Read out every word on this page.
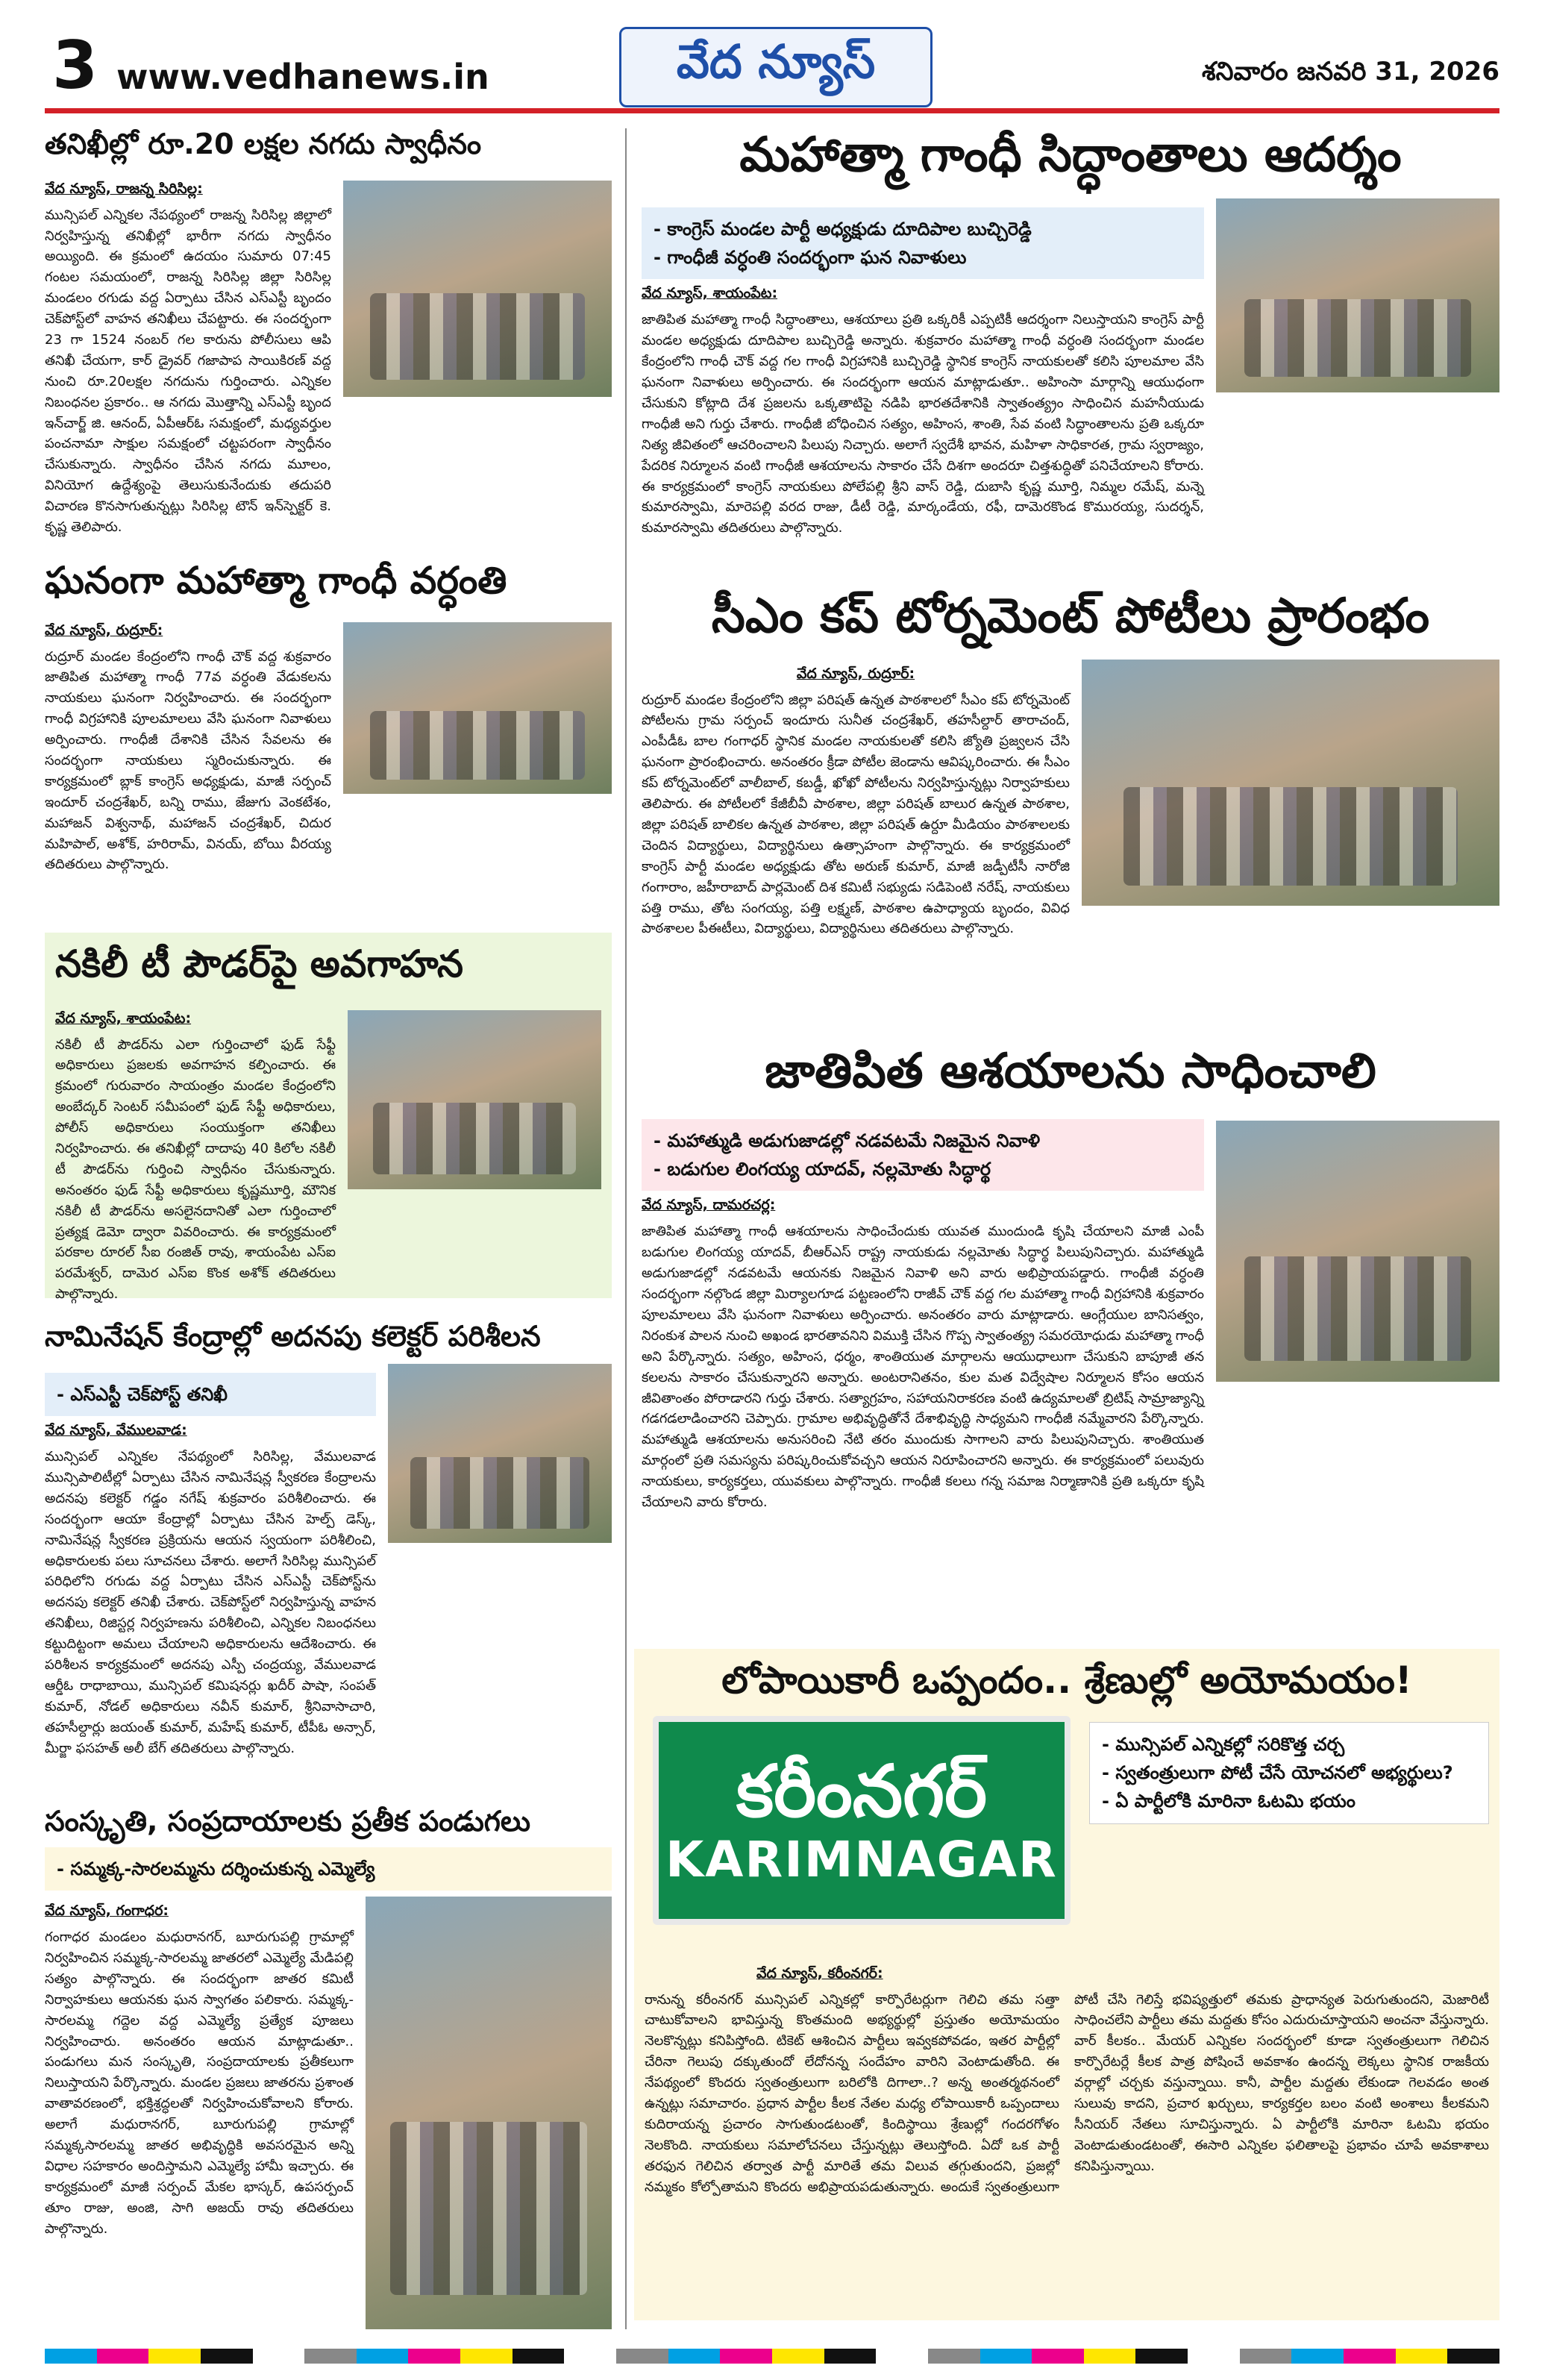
3 www.vedhanews.in	వేద న్యూస్	శనివారం జనవరి 31, 2026
తనిఖీల్లో రూ.20 లక్షల నగదు స్వాధీనం
వేద న్యూస్, రాజన్న సిరిసిల్ల:
మున్సిపల్ ఎన్నికల నేపథ్యంలో రాజన్న సిరిసిల్ల జిల్లాలో నిర్వహిస్తున్న తనిఖీల్లో భారీగా నగదు స్వాధీనం అయ్యింది. ఈ క్రమంలో ఉదయం సుమారు 07:45 గంటల సమయంలో, రాజన్న సిరిసిల్ల జిల్లా సిరిసిల్ల మండలం రగుడు వద్ద ఏర్పాటు చేసిన ఎస్ఎస్టీ బృందం చెక్‌పోస్ట్‌లో వాహన తనిఖీలు చేపట్టారు. ఈ సందర్భంగా 23 గా 1524 నంబర్ గల కారును పోలీసులు ఆపి తనిఖీ చేయగా, కార్ డ్రైవర్ గజాపాప సాయికిరణ్ వద్ద నుంచి రూ.20లక్షల నగదును గుర్తించారు. ఎన్నికల నిబంధనల ప్రకారం.. ఆ నగదు మొత్తాన్ని ఎస్ఎస్టీ బృంద ఇన్‌చార్జ్ జి. ఆనంద్, ఏపీఆర్ఓ సమక్షంలో, మధ్యవర్తుల పంచనామా సాక్షుల సమక్షంలో చట్టపరంగా స్వాధీనం చేసుకున్నారు. స్వాధీనం చేసిన నగదు మూలం, వినియోగ ఉద్దేశ్యంపై తెలుసుకునేందుకు తదుపరి విచారణ కొనసాగుతున్నట్లు సిరిసిల్ల టౌన్ ఇన్‌స్పెక్టర్ కె. కృష్ణ తెలిపారు.
ఘనంగా మహాత్మా గాంధీ వర్ధంతి
వేద న్యూస్, రుద్రూర్:
రుద్రూర్ మండల కేంద్రంలోని గాంధీ చౌక్ వద్ద శుక్రవారం జాతిపిత మహాత్మా గాంధీ 77వ వర్ధంతి వేడుకలను నాయకులు ఘనంగా నిర్వహించారు. ఈ సందర్భంగా గాంధీ విగ్రహానికి పూలమాలలు వేసి ఘనంగా నివాళులు అర్పించారు. గాంధీజీ దేశానికి చేసిన సేవలను ఈ సందర్భంగా నాయకులు స్మరించుకున్నారు. ఈ కార్యక్రమంలో బ్లాక్ కాంగ్రెస్ అధ్యక్షుడు, మాజీ సర్పంచ్ ఇందూర్ చంద్రశేఖర్, బన్ని రాము, జేజుగు వెంకటేశం, మహాజన్ విశ్వనాథ్, మహాజన్ చంద్రశేఖర్, చిదుర మహిపాల్, అశోక్, హరిరామ్, వినయ్, బోయి వీరయ్య తదితరులు పాల్గొన్నారు.
నకిలీ టీ పౌడర్‌పై అవగాహన
వేద న్యూస్, శాయంపేట:
నకిలీ టీ పౌడర్‌ను ఎలా గుర్తించాలో ఫుడ్ సేఫ్టీ అధికారులు ప్రజలకు అవగాహన కల్పించారు. ఈ క్రమంలో గురువారం సాయంత్రం మండల కేంద్రంలోని అంబేద్కర్ సెంటర్ సమీపంలో ఫుడ్ సేఫ్టీ అధికారులు, పోలీస్ అధికారులు సంయుక్తంగా తనిఖీలు నిర్వహించారు. ఈ తనిఖీల్లో దాదాపు 40 కిలోల నకిలీ టీ పౌడర్‌ను గుర్తించి స్వాధీనం చేసుకున్నారు. అనంతరం ఫుడ్ సేఫ్టీ అధికారులు కృష్ణమూర్తి, మౌనిక నకిలీ టీ పౌడర్‌ను అసలైనదానితో ఎలా గుర్తించాలో ప్రత్యక్ష డెమో ద్వారా వివరించారు. ఈ కార్యక్రమంలో పరకాల రూరల్ సీఐ రంజిత్ రావు, శాయంపేట ఎస్ఐ పరమేశ్వర్, దామెర ఎస్ఐ కొంక అశోక్ తదితరులు పాల్గొన్నారు.
నామినేషన్ కేంద్రాల్లో అదనపు కలెక్టర్ పరిశీలన
- ఎస్ఎస్టీ చెక్‌పోస్ట్ తనిఖీ
వేద న్యూస్, వేములవాడ:
మున్సిపల్ ఎన్నికల నేపథ్యంలో సిరిసిల్ల, వేములవాడ మున్సిపాలిటీల్లో ఏర్పాటు చేసిన నామినేషన్ల స్వీకరణ కేంద్రాలను అదనపు కలెక్టర్ గడ్డం నగేష్ శుక్రవారం పరిశీలించారు. ఈ సందర్భంగా ఆయా కేంద్రాల్లో ఏర్పాటు చేసిన హెల్ప్ డెస్క్, నామినేషన్ల స్వీకరణ ప్రక్రియను ఆయన స్వయంగా పరిశీలించి, అధికారులకు పలు సూచనలు చేశారు. అలాగే సిరిసిల్ల మున్సిపల్ పరిధిలోని రగుడు వద్ద ఏర్పాటు చేసిన ఎస్ఎస్టీ చెక్‌పోస్ట్‌ను అదనపు కలెక్టర్ తనిఖీ చేశారు. చెక్‌పోస్ట్‌లో నిర్వహిస్తున్న వాహన తనిఖీలు, రిజిస్టర్ల నిర్వహణను పరిశీలించి, ఎన్నికల నిబంధనలు కట్టుదిట్టంగా అమలు చేయాలని అధికారులను ఆదేశించారు. ఈ పరిశీలన కార్యక్రమంలో అదనపు ఎస్పీ చంద్రయ్య, వేములవాడ ఆర్డీఓ రాధాబాయి, మున్సిపల్ కమిషనర్లు ఖదీర్ పాషా, సంపత్ కుమార్, నోడల్ అధికారులు నవీన్ కుమార్, శ్రీనివాసాచారి, తహసీల్దార్లు జయంత్ కుమార్, మహేష్ కుమార్, టీపీఓ అన్సార్, మీర్జా ఫసహత్ అలీ బేగ్ తదితరులు పాల్గొన్నారు.
సంస్కృతి, సంప్రదాయాలకు ప్రతీక పండుగలు
- సమ్మక్క-సారలమ్మను దర్శించుకున్న ఎమ్మెల్యే
వేద న్యూస్, గంగాధర:
గంగాధర మండలం మధురానగర్, బూరుగుపల్లి గ్రామాల్లో నిర్వహించిన సమ్మక్క-సారలమ్మ జాతరలో ఎమ్మెల్యే మేడిపల్లి సత్యం పాల్గొన్నారు. ఈ సందర్భంగా జాతర కమిటీ నిర్వాహకులు ఆయనకు ఘన స్వాగతం పలికారు. సమ్మక్క-సారలమ్మ గద్దెల వద్ద ఎమ్మెల్యే ప్రత్యేక పూజలు నిర్వహించారు. అనంతరం ఆయన మాట్లాడుతూ.. పండుగలు మన సంస్కృతి, సంప్రదాయాలకు ప్రతీకలుగా నిలుస్తాయని పేర్కొన్నారు. మండల ప్రజలు జాతరను ప్రశాంత వాతావరణంలో, భక్తిశ్రద్ధలతో నిర్వహించుకోవాలని కోరారు. అలాగే మధురానగర్, బూరుగుపల్లి గ్రామాల్లో సమ్మక్కసారలమ్మ జాతర అభివృద్ధికి అవసరమైన అన్ని విధాల సహకారం అందిస్తామని ఎమ్మెల్యే హామీ ఇచ్చారు. ఈ కార్యక్రమంలో మాజీ సర్పంచ్ మేకల భాస్కర్, ఉపసర్పంచ్ తూం రాజు, అంజి, సాగి అజయ్ రావు తదితరులు పాల్గొన్నారు.
మహాత్మా గాంధీ సిద్ధాంతాలు ఆదర్శం
- కాంగ్రెస్ మండల పార్టీ అధ్యక్షుడు దూదిపాల బుచ్చిరెడ్డి
- గాంధీజీ వర్ధంతి సందర్భంగా ఘన నివాళులు
వేద న్యూస్, శాయంపేట:
జాతిపిత మహాత్మా గాంధీ సిద్ధాంతాలు, ఆశయాలు ప్రతి ఒక్కరికీ ఎప్పటికీ ఆదర్శంగా నిలుస్తాయని కాంగ్రెస్ పార్టీ మండల అధ్యక్షుడు దూదిపాల బుచ్చిరెడ్డి అన్నారు. శుక్రవారం మహాత్మా గాంధీ వర్ధంతి సందర్భంగా మండల కేంద్రంలోని గాంధీ చౌక్ వద్ద గల గాంధీ విగ్రహానికి బుచ్చిరెడ్డి స్థానిక కాంగ్రెస్ నాయకులతో కలిసి పూలమాల వేసి ఘనంగా నివాళులు అర్పించారు. ఈ సందర్భంగా ఆయన మాట్లాడుతూ.. అహింసా మార్గాన్ని ఆయుధంగా చేసుకుని కోట్లాది దేశ ప్రజలను ఒక్కతాటిపై నడిపి భారతదేశానికి స్వాతంత్య్రం సాధించిన మహనీయుడు గాంధీజీ అని గుర్తు చేశారు. గాంధీజీ బోధించిన సత్యం, అహింస, శాంతి, సేవ వంటి సిద్ధాంతాలను ప్రతి ఒక్కరూ నిత్య జీవితంలో ఆచరించాలని పిలుపు నిచ్చారు. అలాగే స్వదేశీ భావన, మహిళా సాధికారత, గ్రామ స్వరాజ్యం, పేదరిక నిర్మూలన వంటి గాంధీజీ ఆశయాలను సాకారం చేసే దిశగా అందరూ చిత్తశుద్ధితో పనిచేయాలని కోరారు. ఈ కార్యక్రమంలో కాంగ్రెస్ నాయకులు పోలేపల్లి శ్రీని వాస్ రెడ్డి, దుబాసి కృష్ణ మూర్తి, నిమ్మల రమేష్, మన్నె కుమారస్వామి, మారెపల్లి వరద రాజు, డీటీ రెడ్డి, మార్కండేయ, రఫీ, దామెరకొండ కొమురయ్య, సుదర్శన్, కుమారస్వామి తదితరులు పాల్గొన్నారు.
సీఎం కప్ టోర్నమెంట్ పోటీలు ప్రారంభం
వేద న్యూస్, రుద్రూర్:
రుద్రూర్ మండల కేంద్రంలోని జిల్లా పరిషత్ ఉన్నత పాఠశాలలో సీఎం కప్ టోర్నమెంట్ పోటీలను గ్రామ సర్పంచ్ ఇందూరు సునీత చంద్రశేఖర్, తహసీల్దార్ తారాచంద్, ఎంపీడీఓ బాల గంగాధర్ స్థానిక మండల నాయకులతో కలిసి జ్యోతి ప్రజ్వలన చేసి ఘనంగా ప్రారంభించారు. అనంతరం క్రీడా పోటీల జెండాను ఆవిష్కరించారు. ఈ సీఎం కప్ టోర్నమెంట్‌లో వాలీబాల్, కబడ్డీ, ఖోఖో పోటీలను నిర్వహిస్తున్నట్లు నిర్వాహకులు తెలిపారు. ఈ పోటీలలో కేజీబీవీ పాఠశాల, జిల్లా పరిషత్ బాలుర ఉన్నత పాఠశాల, జిల్లా పరిషత్ బాలికల ఉన్నత పాఠశాల, జిల్లా పరిషత్ ఉర్దూ మీడియం పాఠశాలలకు చెందిన విద్యార్థులు, విద్యార్థినులు ఉత్సాహంగా పాల్గొన్నారు. ఈ కార్యక్రమంలో కాంగ్రెస్ పార్టీ మండల అధ్యక్షుడు తోట అరుణ్ కుమార్, మాజీ జడ్పీటీసీ నారోజి గంగారాం, జహీరాబాద్ పార్లమెంట్ దిశ కమిటీ సభ్యుడు సడిపెంటి నరేష్, నాయకులు పత్తి రాము, తోట సంగయ్య, పత్తి లక్ష్మణ్, పాఠశాల ఉపాధ్యాయ బృందం, వివిధ పాఠశాలల పీఈటీలు, విద్యార్థులు, విద్యార్థినులు తదితరులు పాల్గొన్నారు.
జాతిపిత ఆశయాలను సాధించాలి
- మహాత్ముడి అడుగుజాడల్లో నడవటమే నిజమైన నివాళి
- బడుగుల లింగయ్య యాదవ్, నల్లమోతు సిద్ధార్థ
వేద న్యూస్, దామరచర్ల:
జాతిపిత మహాత్మా గాంధీ ఆశయాలను సాధించేందుకు యువత ముందుండి కృషి చేయాలని మాజీ ఎంపీ బడుగుల లింగయ్య యాదవ్, బీఆర్ఎస్ రాష్ట్ర నాయకుడు నల్లమోతు సిద్ధార్థ పిలుపునిచ్చారు. మహాత్ముడి అడుగుజాడల్లో నడవటమే ఆయనకు నిజమైన నివాళి అని వారు అభిప్రాయపడ్డారు. గాంధీజీ వర్ధంతి సందర్భంగా నల్గొండ జిల్లా మిర్యాలగూడ పట్టణంలోని రాజీవ్ చౌక్ వద్ద గల మహాత్మా గాంధీ విగ్రహానికి శుక్రవారం పూలమాలలు వేసి ఘనంగా నివాళులు అర్పించారు. అనంతరం వారు మాట్లాడారు. ఆంగ్లేయుల బానిసత్వం, నిరంకుశ పాలన నుంచి అఖండ భారతావనిని విముక్తి చేసిన గొప్ప స్వాతంత్య్ర సమరయోధుడు మహాత్మా గాంధీ అని పేర్కొన్నారు. సత్యం, అహింస, ధర్మం, శాంతియుత మార్గాలను ఆయుధాలుగా చేసుకుని బాపూజీ తన కలలను సాకారం చేసుకున్నారని అన్నారు. అంటరానితనం, కుల మత విద్వేషాల నిర్మూలన కోసం ఆయన జీవితాంతం పోరాడారని గుర్తు చేశారు. సత్యాగ్రహం, సహాయనిరాకరణ వంటి ఉద్యమాలతో బ్రిటిష్ సామ్రాజ్యాన్ని గడగడలాడించారని చెప్పారు. గ్రామాల అభివృద్ధితోనే దేశాభివృద్ధి సాధ్యమని గాంధీజీ నమ్మేవారని పేర్కొన్నారు. మహాత్ముడి ఆశయాలను అనుసరించి నేటి తరం ముందుకు సాగాలని వారు పిలుపునిచ్చారు. శాంతియుత మార్గంలో ప్రతి సమస్యను పరిష్కరించుకోవచ్చని ఆయన నిరూపించారని అన్నారు. ఈ కార్యక్రమంలో పలువురు నాయకులు, కార్యకర్తలు, యువకులు పాల్గొన్నారు. గాంధీజీ కలలు గన్న సమాజ నిర్మాణానికి ప్రతి ఒక్కరూ కృషి చేయాలని వారు కోరారు.
లోపాయికారీ ఒప్పందం.. శ్రేణుల్లో అయోమయం!
- మున్సిపల్ ఎన్నికల్లో సరికొత్త చర్చ
- స్వతంత్రులుగా పోటీ చేసే యోచనలో అభ్యర్థులు?
- ఏ పార్టీలోకి మారినా ఓటమి భయం
వేద న్యూస్, కరీంనగర్:
రానున్న కరీంనగర్ మున్సిపల్ ఎన్నికల్లో కార్పొరేటర్లుగా గెలిచి తమ సత్తా చాటుకోవాలని భావిస్తున్న కొంతమంది అభ్యర్థుల్లో ప్రస్తుతం అయోమయం నెలకొన్నట్లు కనిపిస్తోంది. టికెట్ ఆశించిన పార్టీలు ఇవ్వకపోవడం, ఇతర పార్టీల్లో చేరినా గెలుపు దక్కుతుందో లేదోనన్న సందేహం వారిని వెంటాడుతోంది. ఈ నేపథ్యంలో కొందరు స్వతంత్రులుగా బరిలోకి దిగాలా..? అన్న అంతర్మథనంలో ఉన్నట్లు సమాచారం. ప్రధాన పార్టీల కీలక నేతల మధ్య లోపాయికారీ ఒప్పందాలు కుదిరాయన్న ప్రచారం సాగుతుండటంతో, కిందిస్థాయి శ్రేణుల్లో గందరగోళం నెలకొంది. నాయకులు సమాలోచనలు చేస్తున్నట్లు తెలుస్తోంది. ఏదో ఒక పార్టీ తరఫున గెలిచిన తర్వాత పార్టీ మారితే తమ విలువ తగ్గుతుందని, ప్రజల్లో నమ్మకం కోల్పోతామని కొందరు అభిప్రాయపడుతున్నారు. అందుకే స్వతంత్రులుగా పోటీ చేసి గెలిస్తే భవిష్యత్తులో తమకు ప్రాధాన్యత పెరుగుతుందని, మెజారిటీ సాధించలేని పార్టీలు తమ మద్దతు కోసం ఎదురుచూస్తాయని అంచనా వేస్తున్నారు. వార్ కీలకం.. మేయర్ ఎన్నికల సందర్భంలో కూడా స్వతంత్రులుగా గెలిచిన కార్పొరేటర్లే కీలక పాత్ర పోషించే అవకాశం ఉందన్న లెక్కలు స్థానిక రాజకీయ వర్గాల్లో చర్చకు వస్తున్నాయి. కానీ, పార్టీల మద్దతు లేకుండా గెలవడం అంత సులువు కాదని, ప్రచార ఖర్చులు, కార్యకర్తల బలం వంటి అంశాలు కీలకమని సీనియర్ నేతలు సూచిస్తున్నారు. ఏ పార్టీలోకి మారినా ఓటమి భయం వెంటాడుతుండటంతో, ఈసారి ఎన్నికల ఫలితాలపై ప్రభావం చూపే అవకాశాలు కనిపిస్తున్నాయి.
కరీంనగర్
KARIMNAGAR
